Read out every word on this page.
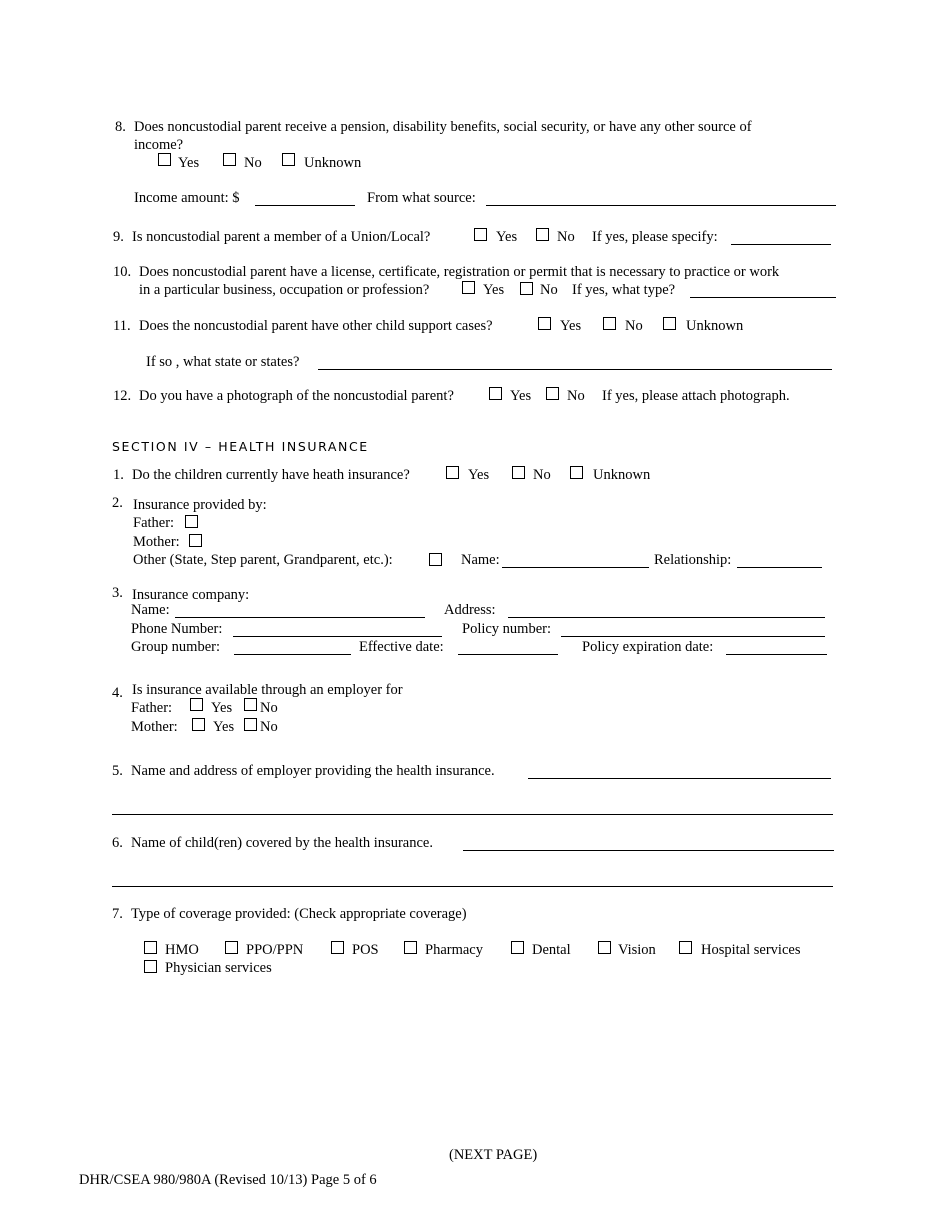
8. Does noncustodial parent receive a pension, disability benefits, social security, or have any other source of
income?
Yes	No	Unknown
Income amount: $	From what source:
9. Is noncustodial parent a member of a Union/Local?	Yes	No If yes, please specify:
10. Does noncustodial parent have a license, certificate, registration or permit that is necessary to practice or work
in a particular business, occupation or profession?	Yes No If yes, what type?
11. Does the noncustodial parent have other child support cases?	Yes	No	Unknown
If so , what state or states?
12. Do you have a photograph of the noncustodial parent?	Yes No If yes, please attach photograph.
SECTION IV – HEALTH INSURANCE
1. Do the children currently have heath insurance?	Yes	No	Unknown
2. Insurance provided by:
Father:
Mother:
Other (State, Step parent, Grandparent, etc.):	Name:	Relationship:
3. Insurance company:
Name:	Address:
Phone Number:	Policy number:
Group number:	Effective date:	Policy expiration date:
4. Is insurance available through an employer for
Father:	Yes No
Mother: Yes No
5. Name and address of employer providing the health insurance.
6. Name of child(ren) covered by the health insurance.
7. Type of coverage provided: (Check appropriate coverage)
HMO	PPO/PPN	POS	Pharmacy	Dental	Vision	Hospital services
Physician services
(NEXT PAGE)
DHR/CSEA 980/980A (Revised 10/13) Page 5 of 6
